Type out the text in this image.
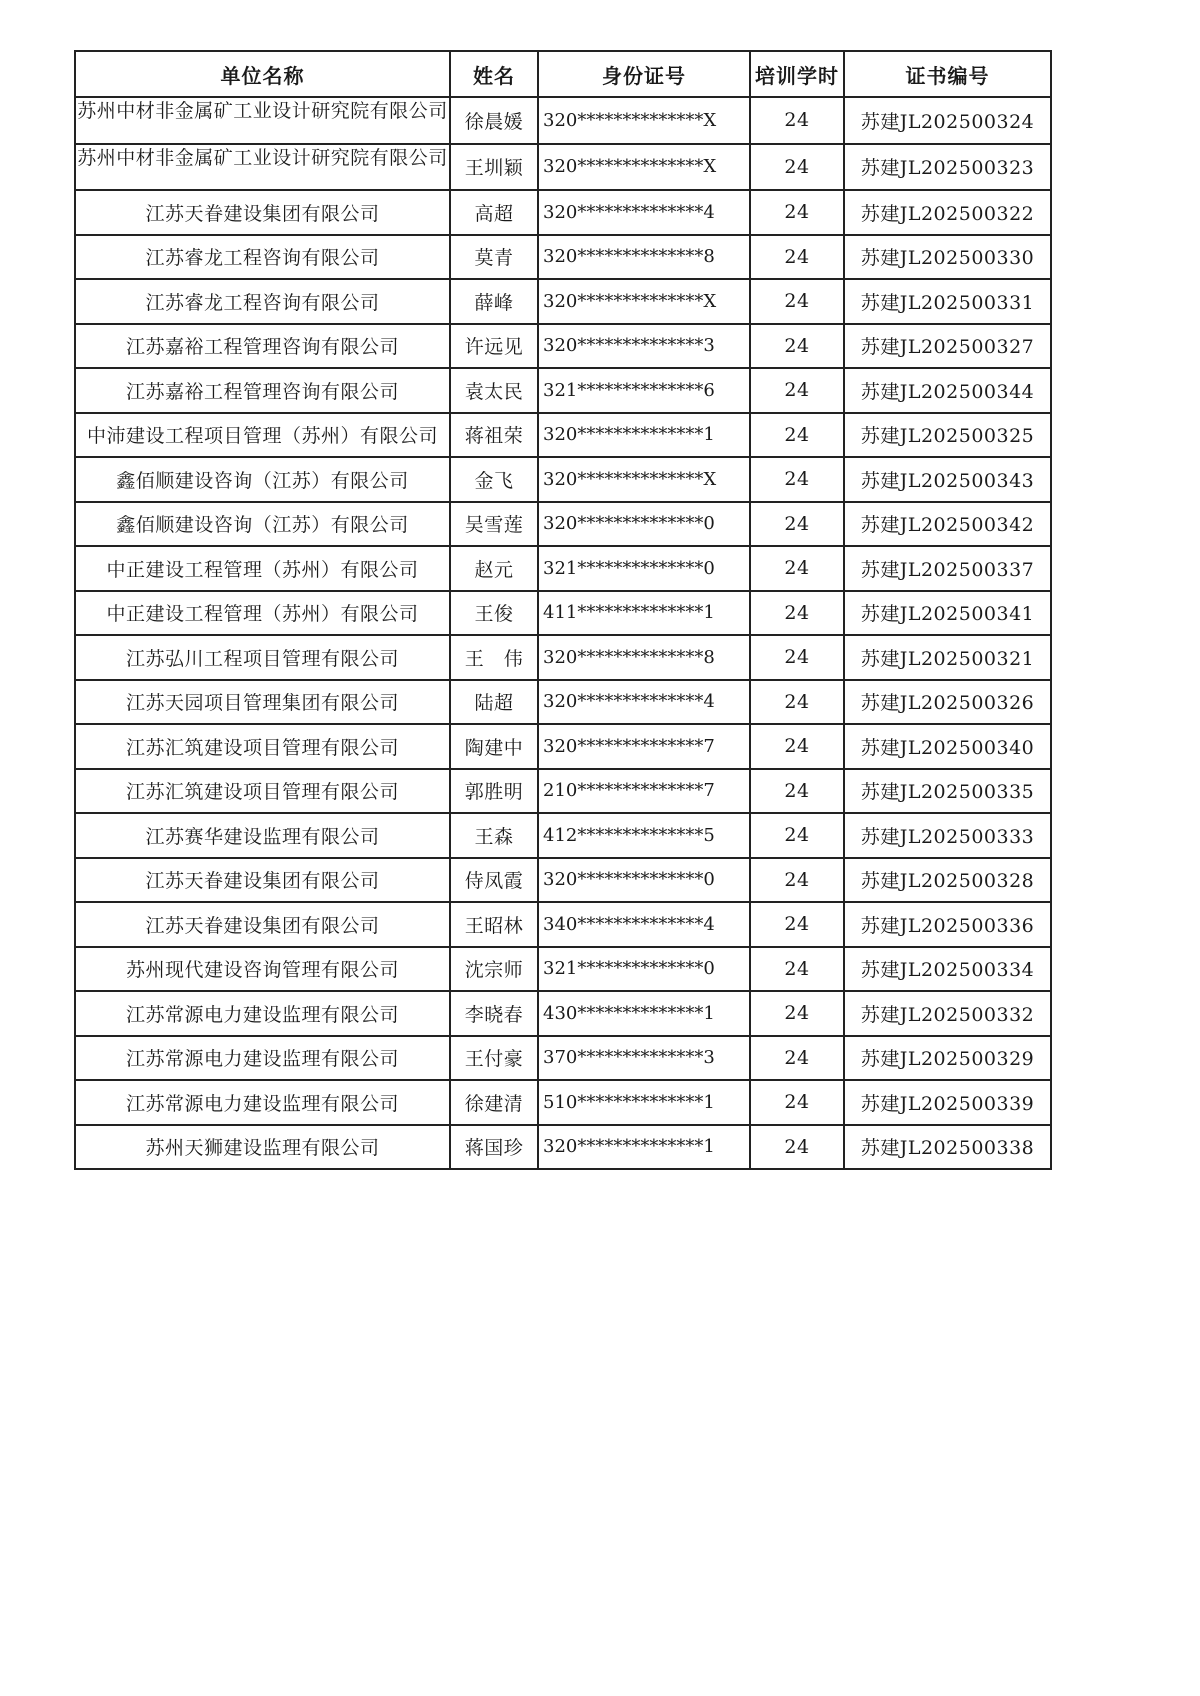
单位名称	姓名	身份证号	培训学时	证书编号
苏州中材非金属矿工业设计研究院有限公司	徐晨媛	320**************X	24	苏建JL202500324
苏州中材非金属矿工业设计研究院有限公司	王圳颖	320**************X	24	苏建JL202500323
江苏天眷建设集团有限公司	高超	320**************4	24	苏建JL202500322
江苏睿龙工程咨询有限公司	莫青	320**************8	24	苏建JL202500330
江苏睿龙工程咨询有限公司	薛峰	320**************X	24	苏建JL202500331
江苏嘉裕工程管理咨询有限公司	许远见	320**************3	24	苏建JL202500327
江苏嘉裕工程管理咨询有限公司	袁太民	321**************6	24	苏建JL202500344
中沛建设工程项目管理（苏州）有限公司	蒋祖荣	320**************1	24	苏建JL202500325
鑫佰顺建设咨询（江苏）有限公司	金飞	320**************X	24	苏建JL202500343
鑫佰顺建设咨询（江苏）有限公司	吴雪莲	320**************0	24	苏建JL202500342
中正建设工程管理（苏州）有限公司	赵元	321**************0	24	苏建JL202500337
中正建设工程管理（苏州）有限公司	王俊	411**************1	24	苏建JL202500341
江苏弘川工程项目管理有限公司	王　伟	320**************8	24	苏建JL202500321
江苏天园项目管理集团有限公司	陆超	320**************4	24	苏建JL202500326
江苏汇筑建设项目管理有限公司	陶建中	320**************7	24	苏建JL202500340
江苏汇筑建设项目管理有限公司	郭胜明	210**************7	24	苏建JL202500335
江苏赛华建设监理有限公司	王森	412**************5	24	苏建JL202500333
江苏天眷建设集团有限公司	侍凤霞	320**************0	24	苏建JL202500328
江苏天眷建设集团有限公司	王昭林	340**************4	24	苏建JL202500336
苏州现代建设咨询管理有限公司	沈宗师	321**************0	24	苏建JL202500334
江苏常源电力建设监理有限公司	李晓春	430**************1	24	苏建JL202500332
江苏常源电力建设监理有限公司	王付豪	370**************3	24	苏建JL202500329
江苏常源电力建设监理有限公司	徐建清	510**************1	24	苏建JL202500339
苏州天狮建设监理有限公司	蒋国珍	320**************1	24	苏建JL202500338
